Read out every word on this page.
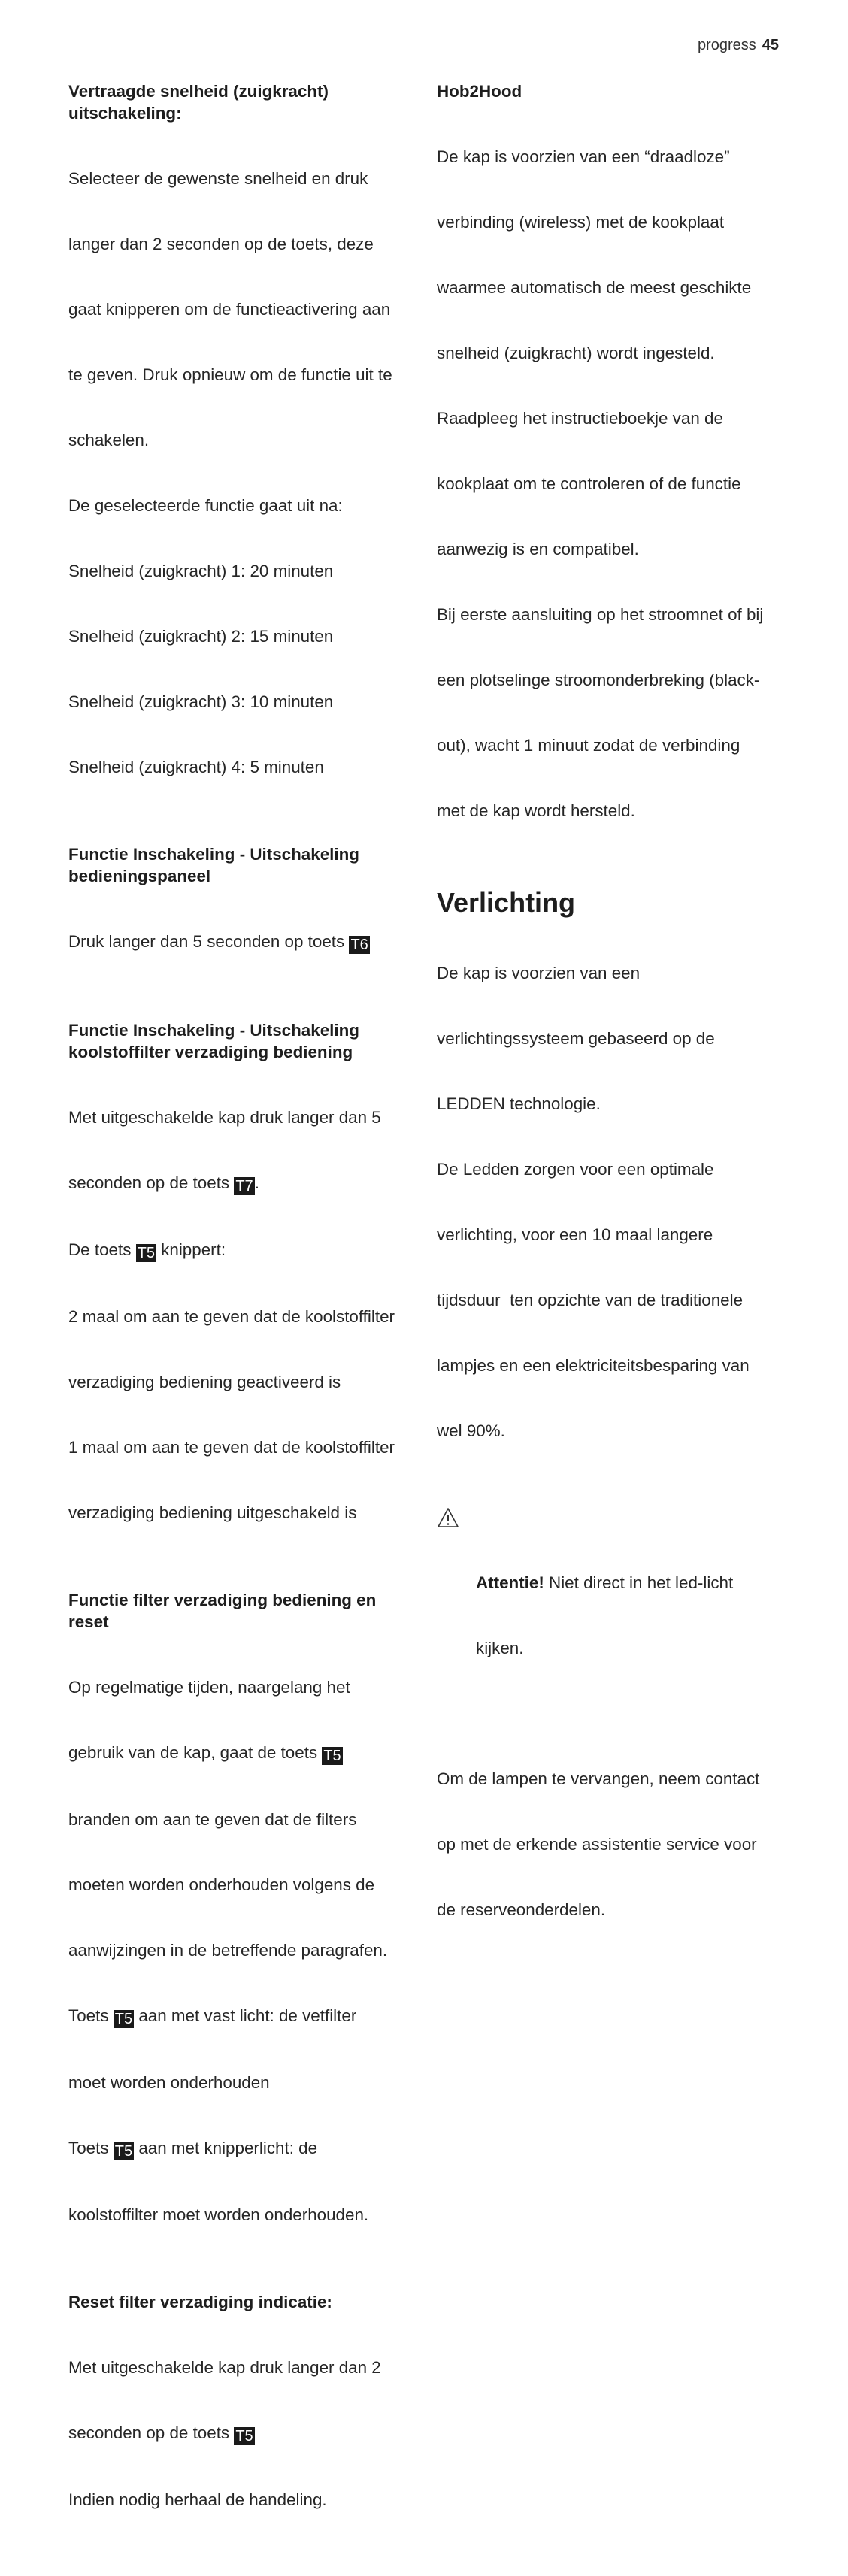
progress 45
Vertraagde snelheid (zuigkracht)
uitschakeling:

Selecteer de gewenste snelheid en druk

langer dan 2 seconden op de toets, deze

gaat knipperen om de functieactivering aan

te geven. Druk opnieuw om de functie uit te

schakelen.

De geselecteerde functie gaat uit na:

Snelheid (zuigkracht) 1: 20 minuten

Snelheid (zuigkracht) 2: 15 minuten

Snelheid (zuigkracht) 3: 10 minuten

Snelheid (zuigkracht) 4: 5 minuten

Functie Inschakeling - Uitschakeling
bedieningspaneel

Druk langer dan 5 seconden op toets T6

Functie Inschakeling - Uitschakeling
koolstoffilter verzadiging bediening

Met uitgeschakelde kap druk langer dan 5

seconden op de toets T7.

De toets T5 knippert:

2 maal om aan te geven dat de koolstoffilter

verzadiging bediening geactiveerd is

1 maal om aan te geven dat de koolstoffilter

verzadiging bediening uitgeschakeld is

Functie filter verzadiging bediening en
reset

Op regelmatige tijden, naargelang het

gebruik van de kap, gaat de toets T5

branden om aan te geven dat de filters

moeten worden onderhouden volgens de

aanwijzingen in de betreffende paragrafen.

Toets T5 aan met vast licht: de vetfilter

moet worden onderhouden

Toets T5 aan met knipperlicht: de

koolstoffilter moet worden onderhouden.

Reset filter verzadiging indicatie:

Met uitgeschakelde kap druk langer dan 2

seconden op de toets T5

Indien nodig herhaal de handeling.

Hob2Hood

De kap is voorzien van een “draadloze”

verbinding (wireless) met de kookplaat

waarmee automatisch de meest geschikte

snelheid (zuigkracht) wordt ingesteld.

Raadpleeg het instructieboekje van de

kookplaat om te controleren of de functie

aanwezig is en compatibel.

Bij eerste aansluiting op het stroomnet of bij

een plotselinge stroomonderbreking (black-

out), wacht 1 minuut zodat de verbinding

met de kap wordt hersteld.

Verlichting

De kap is voorzien van een

verlichtingssysteem gebaseerd op de

LEDDEN technologie.

De Ledden zorgen voor een optimale

verlichting, voor een 10 maal langere

tijdsduur  ten opzichte van de traditionele

lampjes en een elektriciteitsbesparing van

wel 90%.

Attentie! Niet direct in het led-licht

kijken.

Om de lampen te vervangen, neem contact

op met de erkende assistentie service voor

de reserveonderdelen.
